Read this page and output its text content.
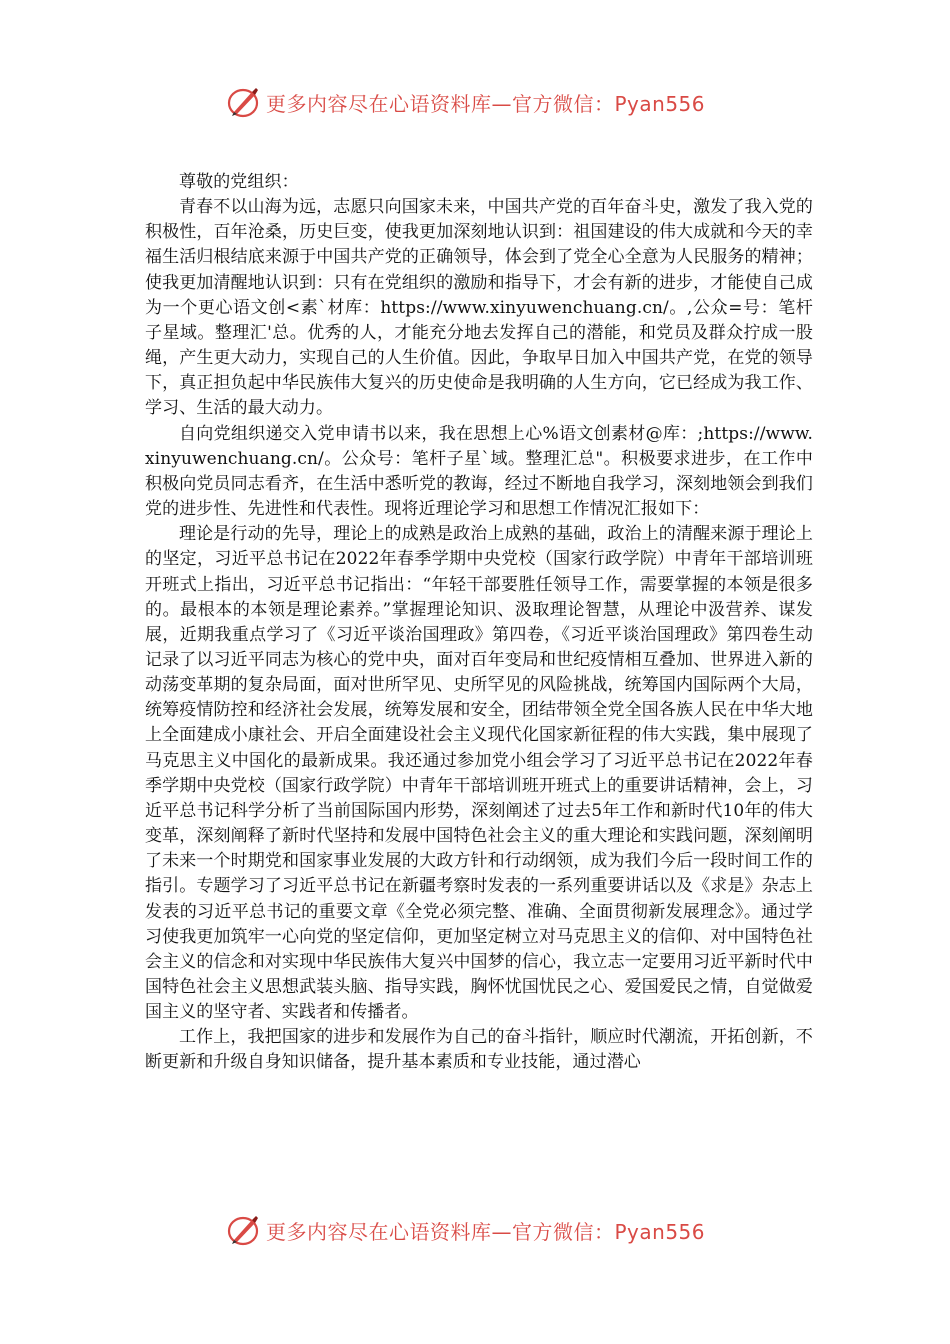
更多内容尽在心语资料库—官方微信：Pyan556

尊敬的党组织：

青春不以山海为远，志愿只向国家未来，中国共产党的百年奋斗史，激发了我入党的积极性，百年沧桑，历史巨变，使我更加深刻地认识到：祖国建设的伟大成就和今天的幸福生活归根结底来源于中国共产党的正确领导，体会到了党全心全意为人民服务的精神；使我更加清醒地认识到：只有在党组织的激励和指导下，才会有新的进步，才能使自己成为一个更心语文创<素`材库：https://www.xinyuwenchuang.cn/。,公众=号：笔杆子星域。整理汇'总。优秀的人，才能充分地去发挥自己的潜能，和党员及群众拧成一股绳，产生更大动力，实现自己的人生价值。因此，争取早日加入中国共产党，在党的领导下，真正担负起中华民族伟大复兴的历史使命是我明确的人生方向，它已经成为我工作、学习、生活的最大动力。

自向党组织递交入党申请书以来，我在思想上心%语文创素材@库：;https://www.xinyuwenchuang.cn/。公众号：笔杆子星`域。整理汇总"。积极要求进步，在工作中积极向党员同志看齐，在生活中悉听党的教诲，经过不断地自我学习，深刻地领会到我们党的进步性、先进性和代表性。现将近理论学习和思想工作情况汇报如下：

理论是行动的先导，理论上的成熟是政治上成熟的基础，政治上的清醒来源于理论上的坚定，习近平总书记在2022年春季学期中央党校（国家行政学院）中青年干部培训班开班式上指出，习近平总书记指出：“年轻干部要胜任领导工作，需要掌握的本领是很多的。最根本的本领是理论素养。”掌握理论知识、汲取理论智慧，从理论中汲营养、谋发展，近期我重点学习了《习近平谈治国理政》第四卷，《习近平谈治国理政》第四卷生动记录了以习近平同志为核心的党中央，面对百年变局和世纪疫情相互叠加、世界进入新的动荡变革期的复杂局面，面对世所罕见、史所罕见的风险挑战，统筹国内国际两个大局，统筹疫情防控和经济社会发展，统筹发展和安全，团结带领全党全国各族人民在中华大地上全面建成小康社会、开启全面建设社会主义现代化国家新征程的伟大实践，集中展现了马克思主义中国化的最新成果。我还通过参加党小组会学习了习近平总书记在2022年春季学期中央党校（国家行政学院）中青年干部培训班开班式上的重要讲话精神，会上，习近平总书记科学分析了当前国际国内形势，深刻阐述了过去5年工作和新时代10年的伟大变革，深刻阐释了新时代坚持和发展中国特色社会主义的重大理论和实践问题，深刻阐明了未来一个时期党和国家事业发展的大政方针和行动纲领，成为我们今后一段时间工作的指引。专题学习了习近平总书记在新疆考察时发表的一系列重要讲话以及《求是》杂志上发表的习近平总书记的重要文章《全党必须完整、准确、全面贯彻新发展理念》。通过学习使我更加筑牢一心向党的坚定信仰，更加坚定树立对马克思主义的信仰、对中国特色社会主义的信念和对实现中华民族伟大复兴中国梦的信心，我立志一定要用习近平新时代中国特色社会主义思想武装头脑、指导实践，胸怀忧国忧民之心、爱国爱民之情，自觉做爱国主义的坚守者、实践者和传播者。

工作上，我把国家的进步和发展作为自己的奋斗指针，顺应时代潮流，开拓创新，不断更新和升级自身知识储备，提升基本素质和专业技能，通过潜心

更多内容尽在心语资料库—官方微信：Pyan556
